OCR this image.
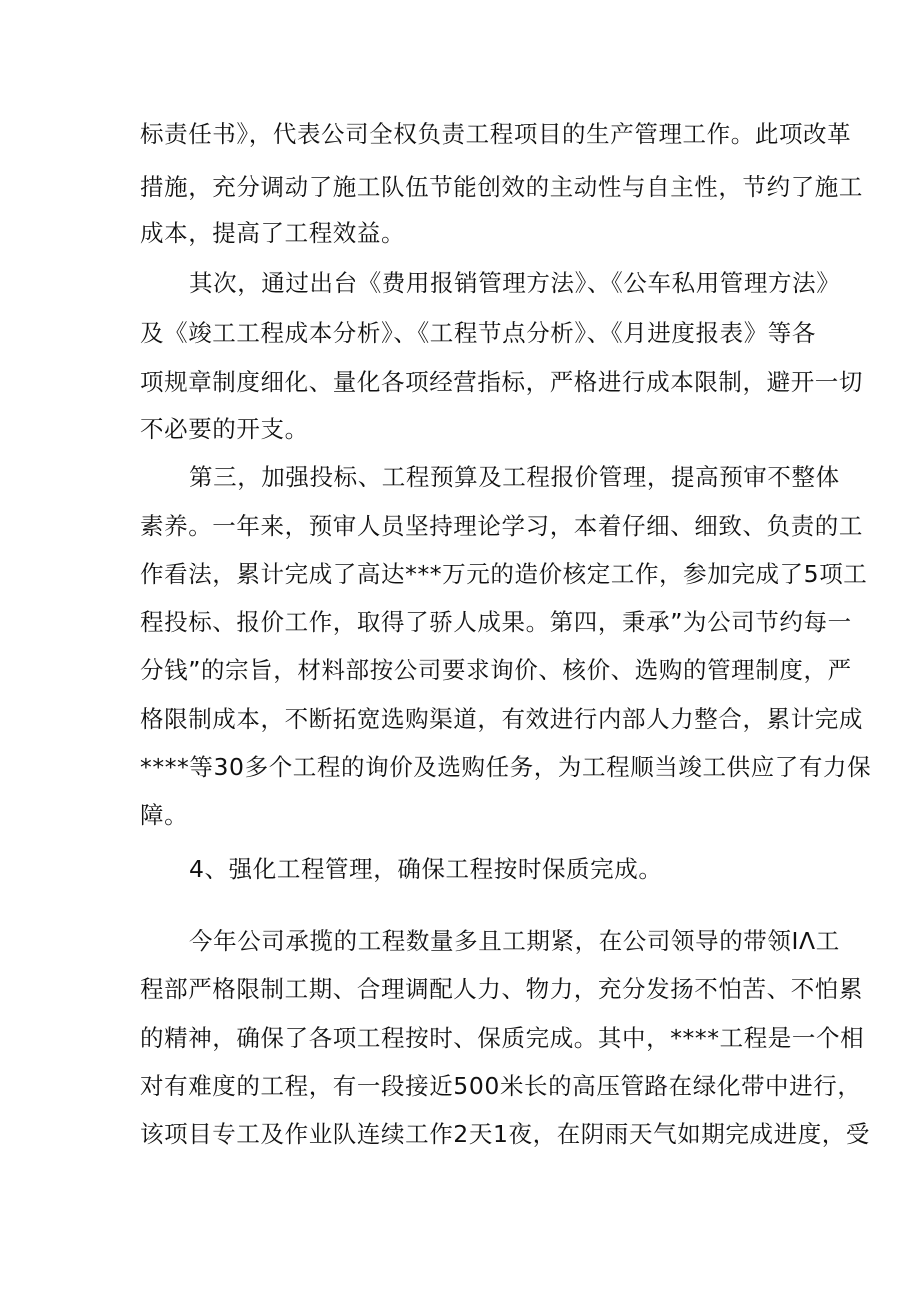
标责任书》，代表公司全权负责工程项目的生产管理工作。此项改革
措施，充分调动了施工队伍节能创效的主动性与自主性，节约了施工
成本，提高了工程效益。
其次，通过出台《费用报销管理方法》、《公车私用管理方法》
及《竣工工程成本分析》、《工程节点分析》、《月进度报表》等各
项规章制度细化、量化各项经营指标，严格进行成本限制，避开一切
不必要的开支。
第三，加强投标、工程预算及工程报价管理，提高预审不整体
素养。一年来，预审人员坚持理论学习，本着仔细、细致、负责的工
作看法，累计完成了高达***万元的造价核定工作，参加完成了5项工
程投标、报价工作，取得了骄人成果。第四，秉承”为公司节约每一
分钱”的宗旨，材料部按公司要求询价、核价、选购的管理制度，严
格限制成本，不断拓宽选购渠道，有效进行内部人力整合，累计完成
****等30多个工程的询价及选购任务，为工程顺当竣工供应了有力保
障。
4、强化工程管理，确保工程按时保质完成。
今年公司承揽的工程数量多且工期紧，在公司领导的带领IΛ工
程部严格限制工期、合理调配人力、物力，充分发扬不怕苦、不怕累
的精神，确保了各项工程按时、保质完成。其中，****工程是一个相
对有难度的工程，有一段接近500米长的高压管路在绿化带中进行，
该项目专工及作业队连续工作2天1夜，在阴雨天气如期完成进度，受
